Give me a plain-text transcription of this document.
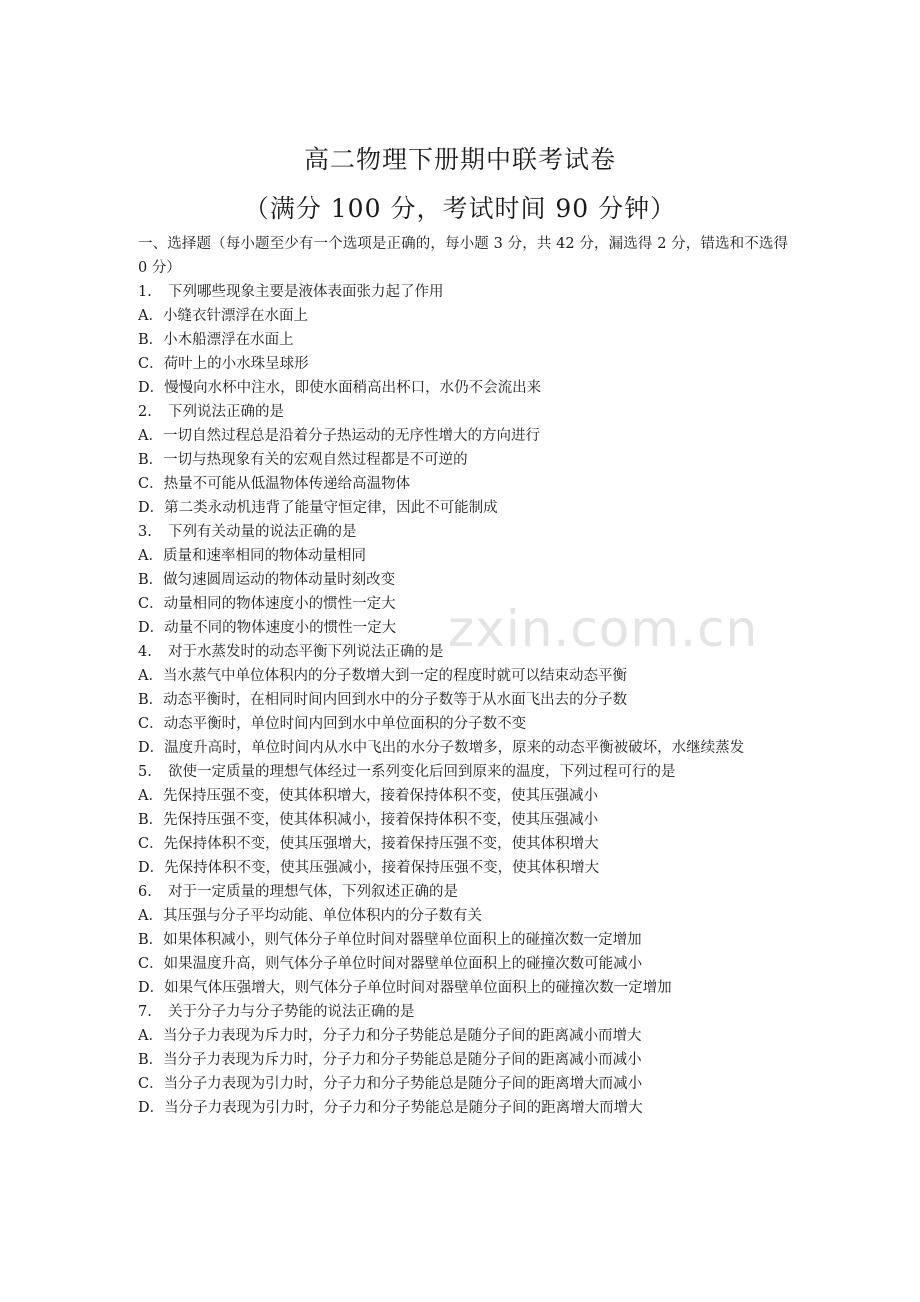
zxin.com.cn
高二物理下册期中联考试卷
（满分 100 分，考试时间 90 分钟）
一、选择题（每小题至少有一个选项是正确的，每小题 3 分，共 42 分，漏选得 2 分，错选和不选得 0 分）
1. 下列哪些现象主要是液体表面张力起了作用
A．小缝衣针漂浮在水面上
B．小木船漂浮在水面上
C．荷叶上的小水珠呈球形
D．慢慢向水杯中注水，即使水面稍高出杯口，水仍不会流出来
2. 下列说法正确的是
A．一切自然过程总是沿着分子热运动的无序性增大的方向进行
B．一切与热现象有关的宏观自然过程都是不可逆的
C．热量不可能从低温物体传递给高温物体
D．第二类永动机违背了能量守恒定律，因此不可能制成
3. 下列有关动量的说法正确的是
A．质量和速率相同的物体动量相同
B．做匀速圆周运动的物体动量时刻改变
C．动量相同的物体速度小的惯性一定大
D．动量不同的物体速度小的惯性一定大
4. 对于水蒸发时的动态平衡下列说法正确的是
A．当水蒸气中单位体积内的分子数增大到一定的程度时就可以结束动态平衡
B．动态平衡时，在相同时间内回到水中的分子数等于从水面飞出去的分子数
C．动态平衡时，单位时间内回到水中单位面积的分子数不变
D．温度升高时，单位时间内从水中飞出的水分子数增多，原来的动态平衡被破坏，水继续蒸发
5. 欲使一定质量的理想气体经过一系列变化后回到原来的温度，下列过程可行的是
A．先保持压强不变，使其体积增大，接着保持体积不变，使其压强减小
B．先保持压强不变，使其体积减小，接着保持体积不变，使其压强减小
C．先保持体积不变，使其压强增大，接着保持压强不变，使其体积增大
D．先保持体积不变，使其压强减小，接着保持压强不变，使其体积增大
6. 对于一定质量的理想气体，下列叙述正确的是
A．其压强与分子平均动能、单位体积内的分子数有关
B．如果体积减小，则气体分子单位时间对器壁单位面积上的碰撞次数一定增加
C．如果温度升高，则气体分子单位时间对器壁单位面积上的碰撞次数可能减小
D．如果气体压强增大，则气体分子单位时间对器壁单位面积上的碰撞次数一定增加
7. 关于分子力与分子势能的说法正确的是
A．当分子力表现为斥力时，分子力和分子势能总是随分子间的距离减小而增大
B．当分子力表现为斥力时，分子力和分子势能总是随分子间的距离减小而减小
C．当分子力表现为引力时，分子力和分子势能总是随分子间的距离增大而减小
D．当分子力表现为引力时，分子力和分子势能总是随分子间的距离增大而增大
